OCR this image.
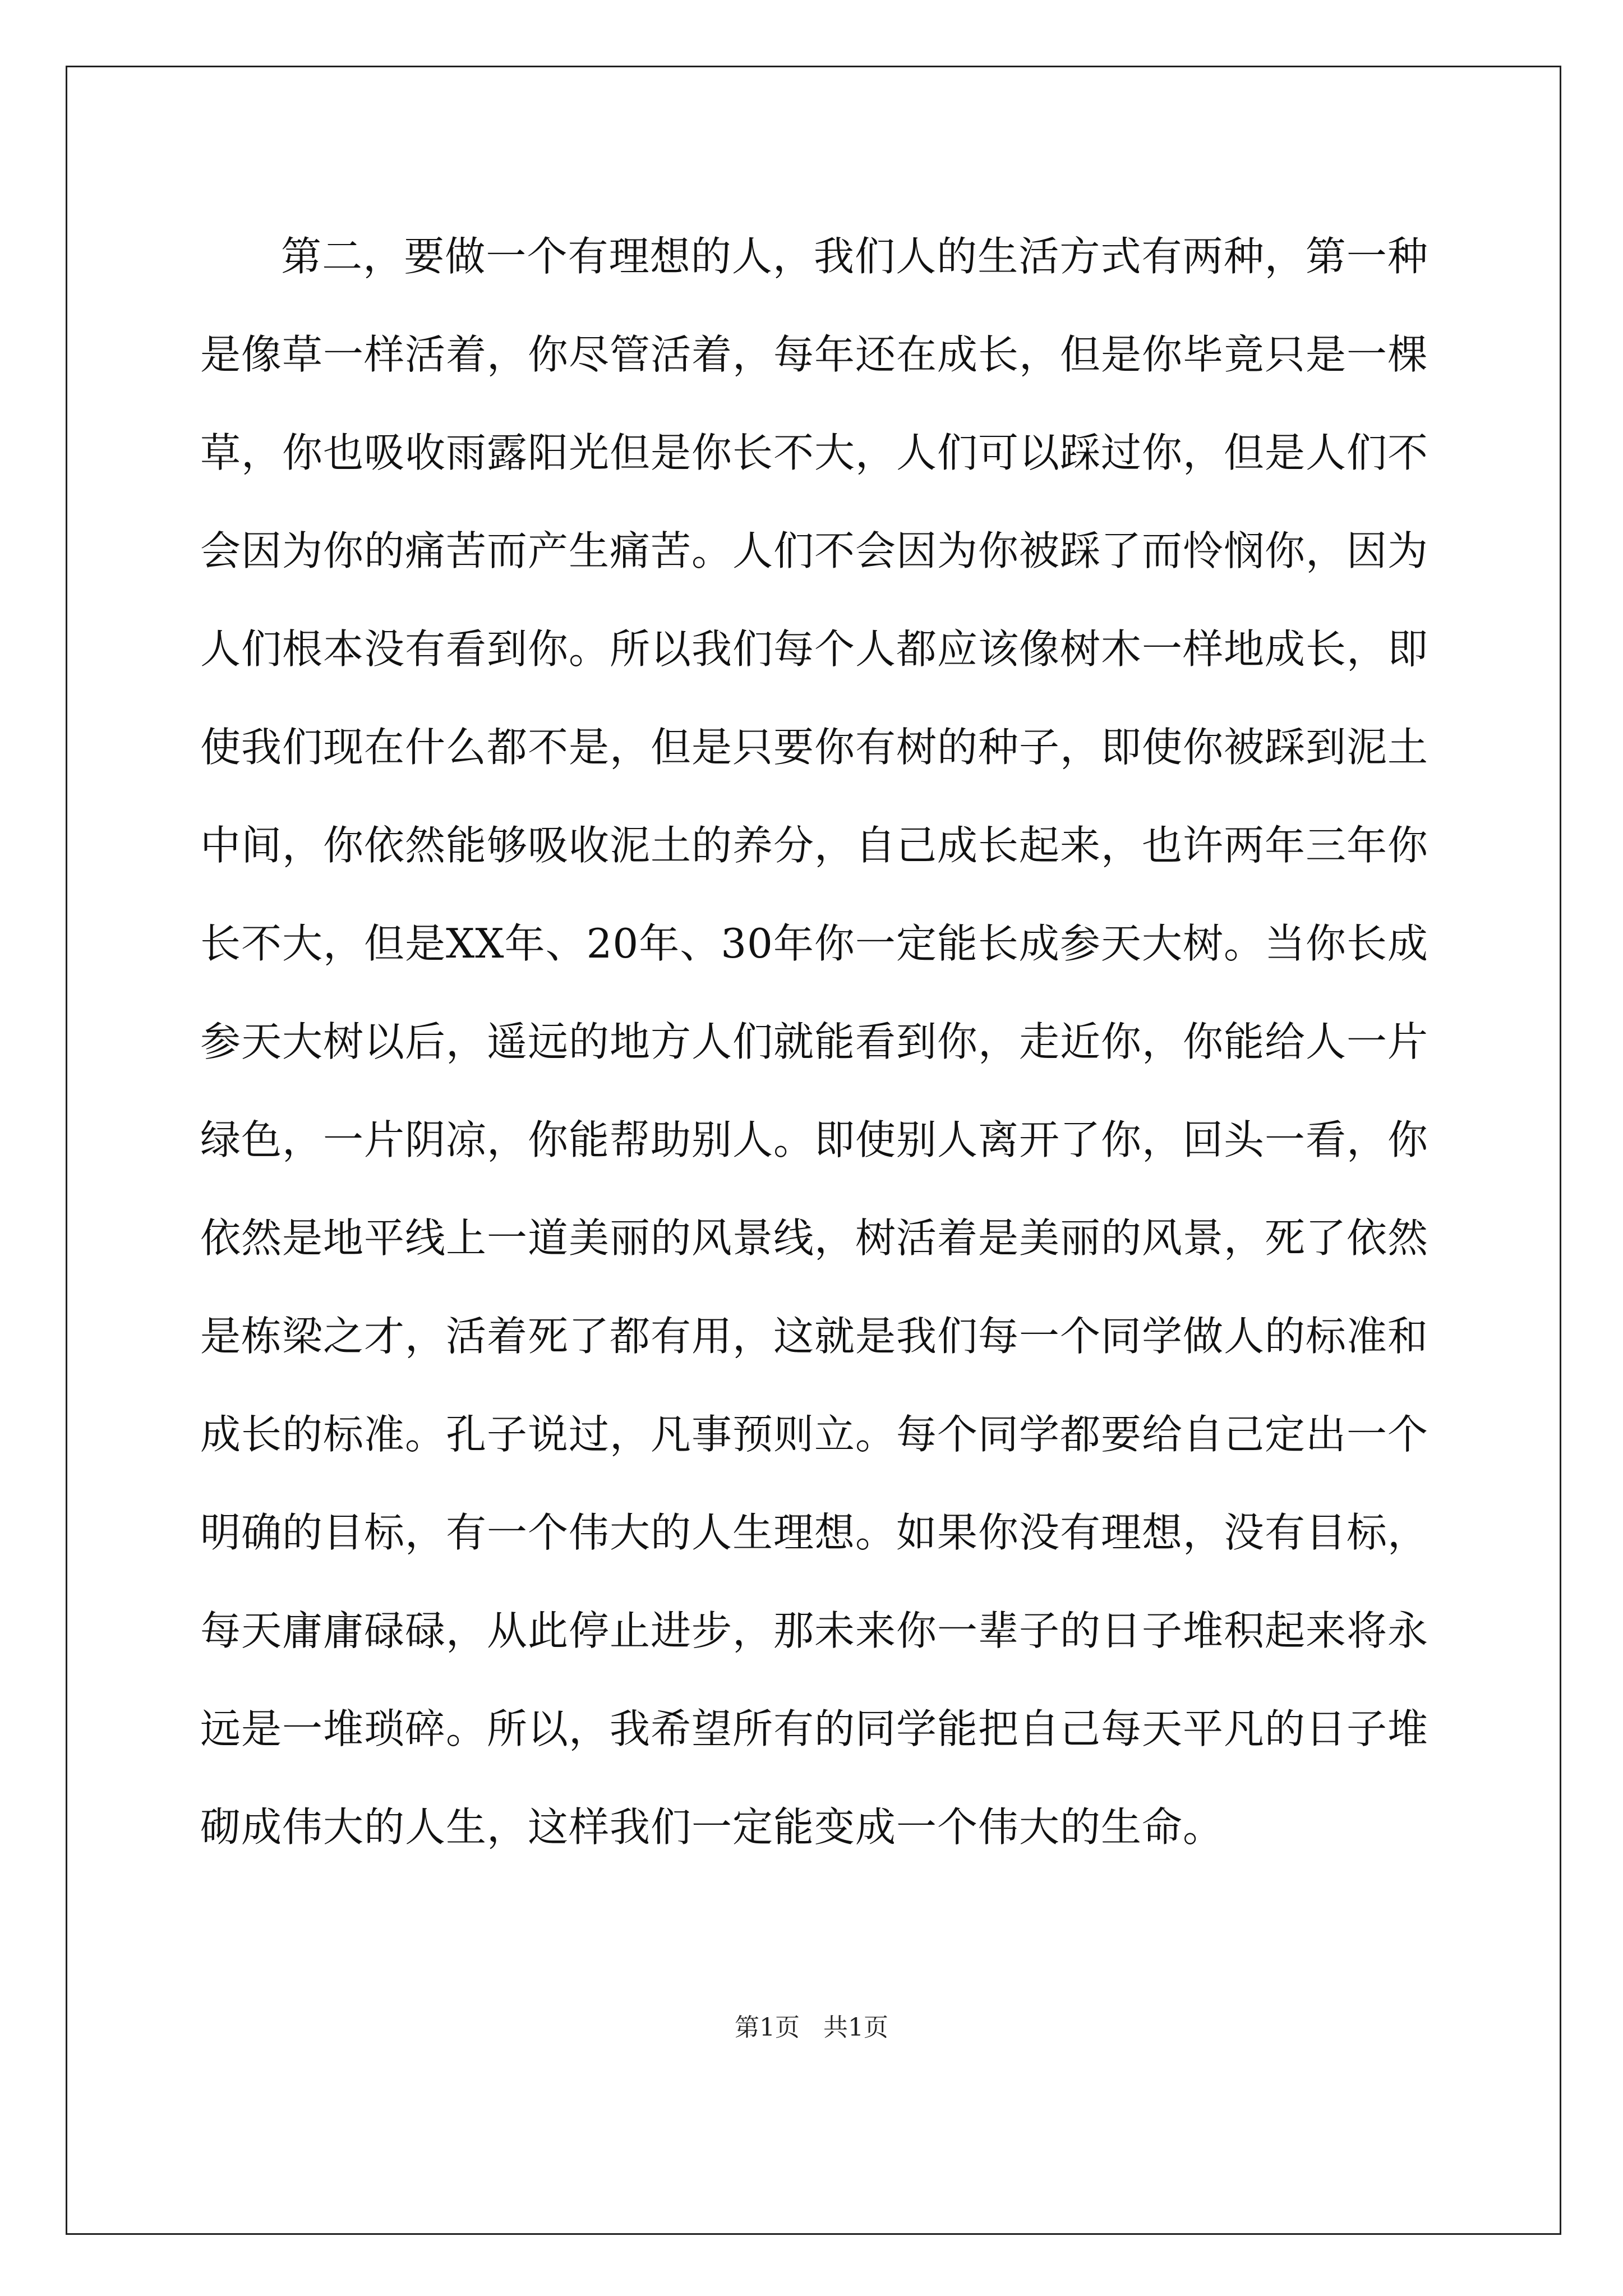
第二，要做一个有理想的人，我们人的生活方式有两种，第一种是像草一样活着，你尽管活着，每年还在成长，但是你毕竟只是一棵草，你也吸收雨露阳光但是你长不大，人们可以踩过你，但是人们不会因为你的痛苦而产生痛苦。人们不会因为你被踩了而怜悯你，因为人们根本没有看到你。所以我们每个人都应该像树木一样地成长，即使我们现在什么都不是，但是只要你有树的种子，即使你被踩到泥土中间，你依然能够吸收泥土的养分，自己成长起来，也许两年三年你长不大，但是XX年、20年、30年你一定能长成参天大树。当你长成参天大树以后，遥远的地方人们就能看到你，走近你，你能给人一片绿色，一片阴凉，你能帮助别人。即使别人离开了你，回头一看，你依然是地平线上一道美丽的风景线，树活着是美丽的风景，死了依然是栋梁之才，活着死了都有用，这就是我们每一个同学做人的标准和成长的标准。孔子说过，凡事预则立。每个同学都要给自己定出一个明确的目标，有一个伟大的人生理想。如果你没有理想，没有目标，每天庸庸碌碌，从此停止进步，那未来你一辈子的日子堆积起来将永远是一堆琐碎。所以，我希望所有的同学能把自己每天平凡的日子堆砌成伟大的人生，这样我们一定能变成一个伟大的生命。

第1页   共1页
